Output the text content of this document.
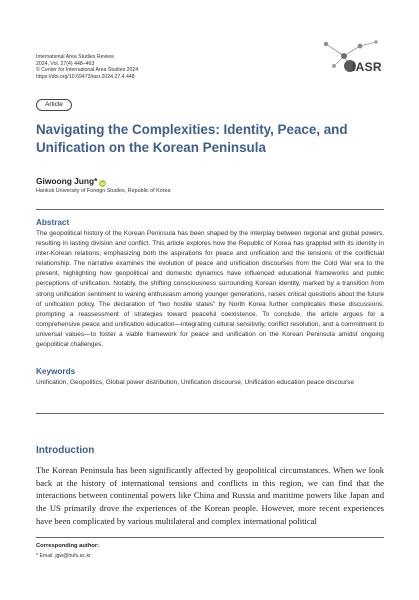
International Area Studies Review
2024, Vol. 27(4) 448–463
© Center for International Area Studies 2024
https://doi.org/10.69473/iasr.2024.27.4.448
IASR
Article
Navigating the Complexities: Identity, Peace, and Unification on the Korean Peninsula
Giwoong Jung* iD
Hankuk University of Foreign Studies, Republic of Korea
Abstract

The geopolitical history of the Korean Peninsula has been shaped by the interplay between regional and global powers, resulting in lasting division and conflict. This article explores how the Republic of Korea has grappled with its identity in inter-Korean relations, emphasizing both the aspirations for peace and unification and the tensions of the conflictual relationship. The narrative examines the evolution of peace and unification discourses from the Cold War era to the present, highlighting how geopolitical and domestic dynamics have influenced educational frameworks and public perceptions of unification. Notably, the shifting consciousness surrounding Korean identity, marked by a transition from strong unification sentiment to waning enthusiasm among younger generations, raises critical questions about the future of unification policy. The declaration of “two hostile states” by North Korea further complicates these discussions, prompting a reassessment of strategies toward peaceful coexistence. To conclude, the article argues for a comprehensive peace and unification education—integrating cultural sensitivity, conflict resolution, and a commitment to universal values—to foster a viable framework for peace and unification on the Korean Peninsula amidst ongoing geopolitical challenges.

Keywords

Unification, Geopolitics, Global power distribution, Unification discourse, Unification education peace discourse

Introduction

The Korean Peninsula has been significantly affected by geopolitical circumstances. When we look back at the history of international tensions and conflicts in this region, we can find that the interactions between continental powers like China and Russia and maritime powers like Japan and the US primarily drove the experiences of the Korean people. However, more recent experiences have been complicated by various multilateral and complex international political

Corresponding author:
* Email. jgw@hufs.ac.kr
